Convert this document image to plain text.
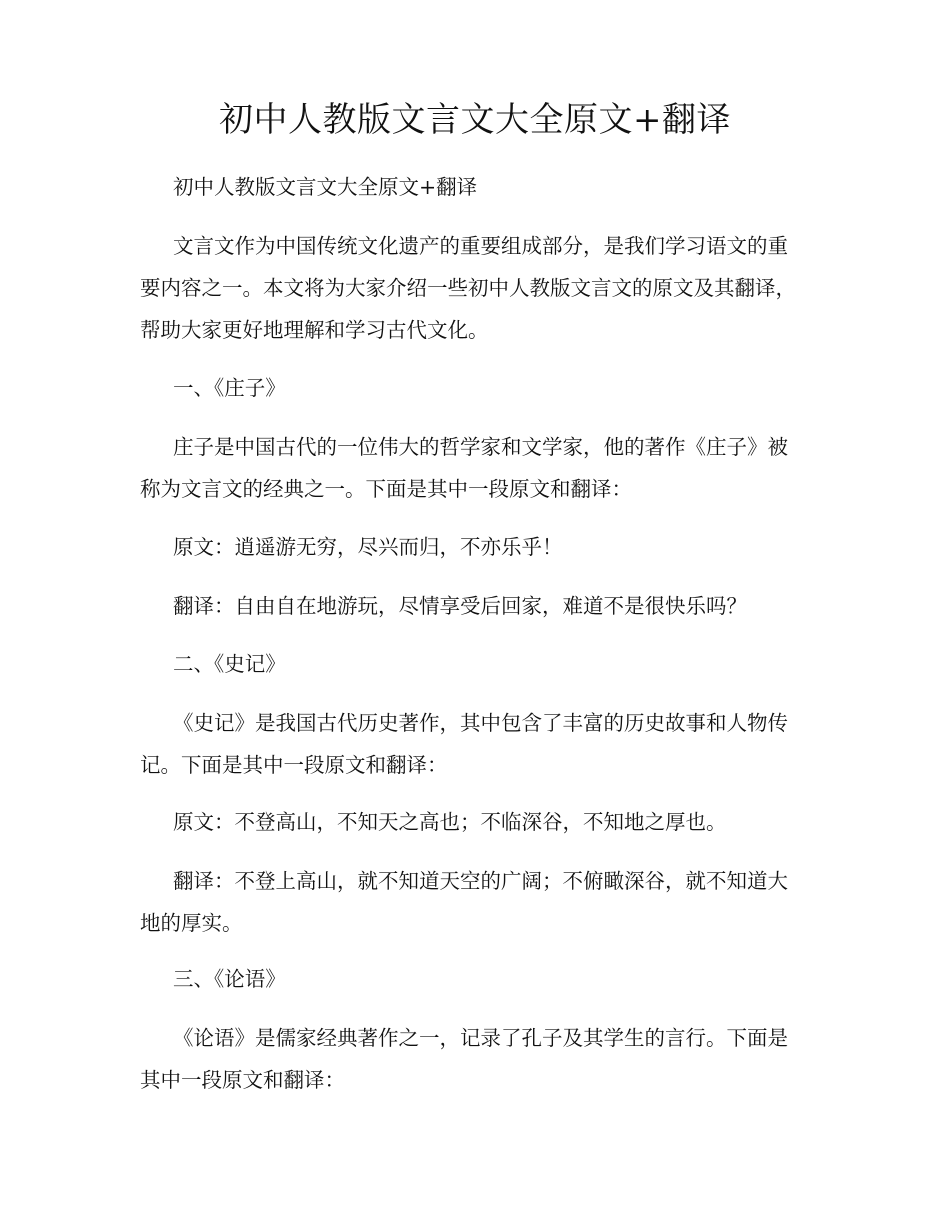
初中人教版文言文大全原文+翻译
初中人教版文言文大全原文+翻译
文言文作为中国传统文化遗产的重要组成部分，是我们学习语文的重要内容之一。本文将为大家介绍一些初中人教版文言文的原文及其翻译，帮助大家更好地理解和学习古代文化。
一、《庄子》
庄子是中国古代的一位伟大的哲学家和文学家，他的著作《庄子》被称为文言文的经典之一。下面是其中一段原文和翻译：
原文：逍遥游无穷，尽兴而归，不亦乐乎！
翻译：自由自在地游玩，尽情享受后回家，难道不是很快乐吗？
二、《史记》
《史记》是我国古代历史著作，其中包含了丰富的历史故事和人物传记。下面是其中一段原文和翻译：
原文：不登高山，不知天之高也；不临深谷，不知地之厚也。
翻译：不登上高山，就不知道天空的广阔；不俯瞰深谷，就不知道大地的厚实。
三、《论语》
《论语》是儒家经典著作之一，记录了孔子及其学生的言行。下面是其中一段原文和翻译：
